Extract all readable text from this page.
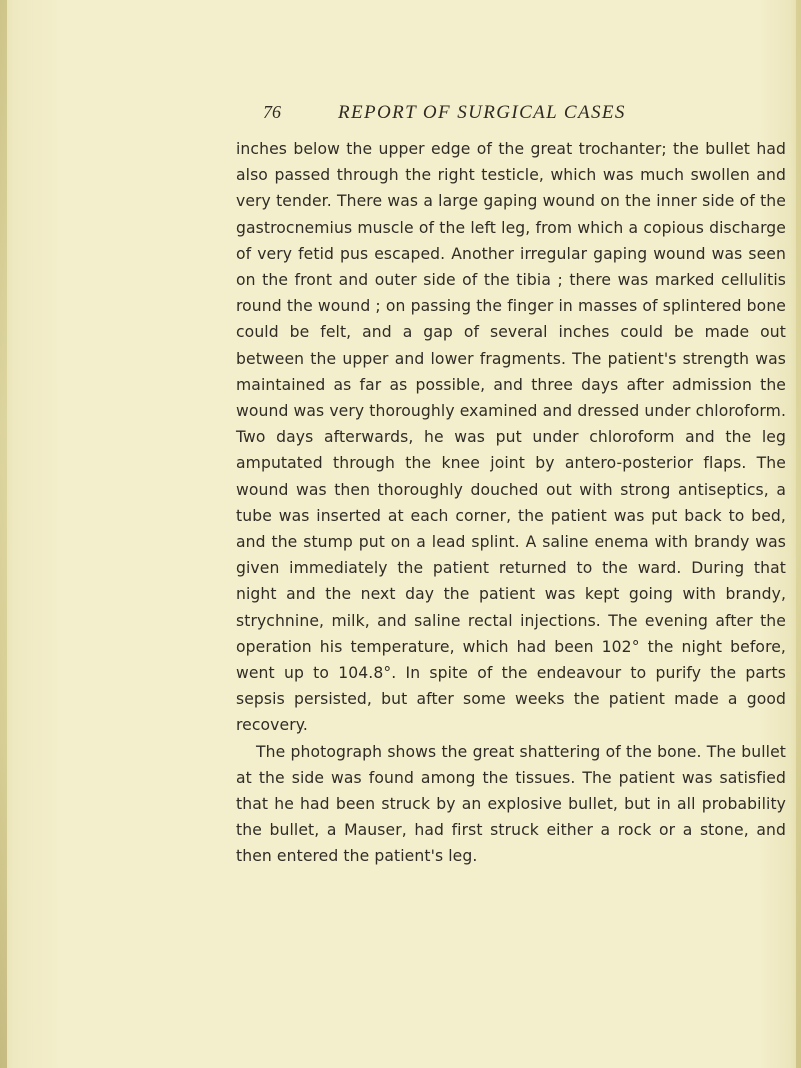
76	REPORT OF SURGICAL CASES

inches below the upper edge of the great trochanter; the bullet had also passed through the right testicle, which was much swollen and very tender. There was a large gaping wound on the inner side of the gastrocnemius muscle of the left leg, from which a copious discharge of very fetid pus escaped. Another irregular gaping wound was seen on the front and outer side of the tibia ; there was marked cellulitis round the wound ; on passing the finger in masses of splintered bone could be felt, and a gap of several inches could be made out between the upper and lower fragments. The patient's strength was maintained as far as possible, and three days after admission the wound was very thoroughly examined and dressed under chloroform. Two days afterwards, he was put under chloroform and the leg amputated through the knee joint by antero-posterior flaps. The wound was then thoroughly douched out with strong antiseptics, a tube was inserted at each corner, the patient was put back to bed, and the stump put on a lead splint. A saline enema with brandy was given immediately the patient returned to the ward. During that night and the next day the patient was kept going with brandy, strychnine, milk, and saline rectal injections. The evening after the operation his temperature, which had been 102° the night before, went up to 104.8°. In spite of the endeavour to purify the parts sepsis persisted, but after some weeks the patient made a good recovery.

The photograph shows the great shattering of the bone. The bullet at the side was found among the tissues. The patient was satisfied that he had been struck by an explosive bullet, but in all probability the bullet, a Mauser, had first struck either a rock or a stone, and then entered the patient's leg.
